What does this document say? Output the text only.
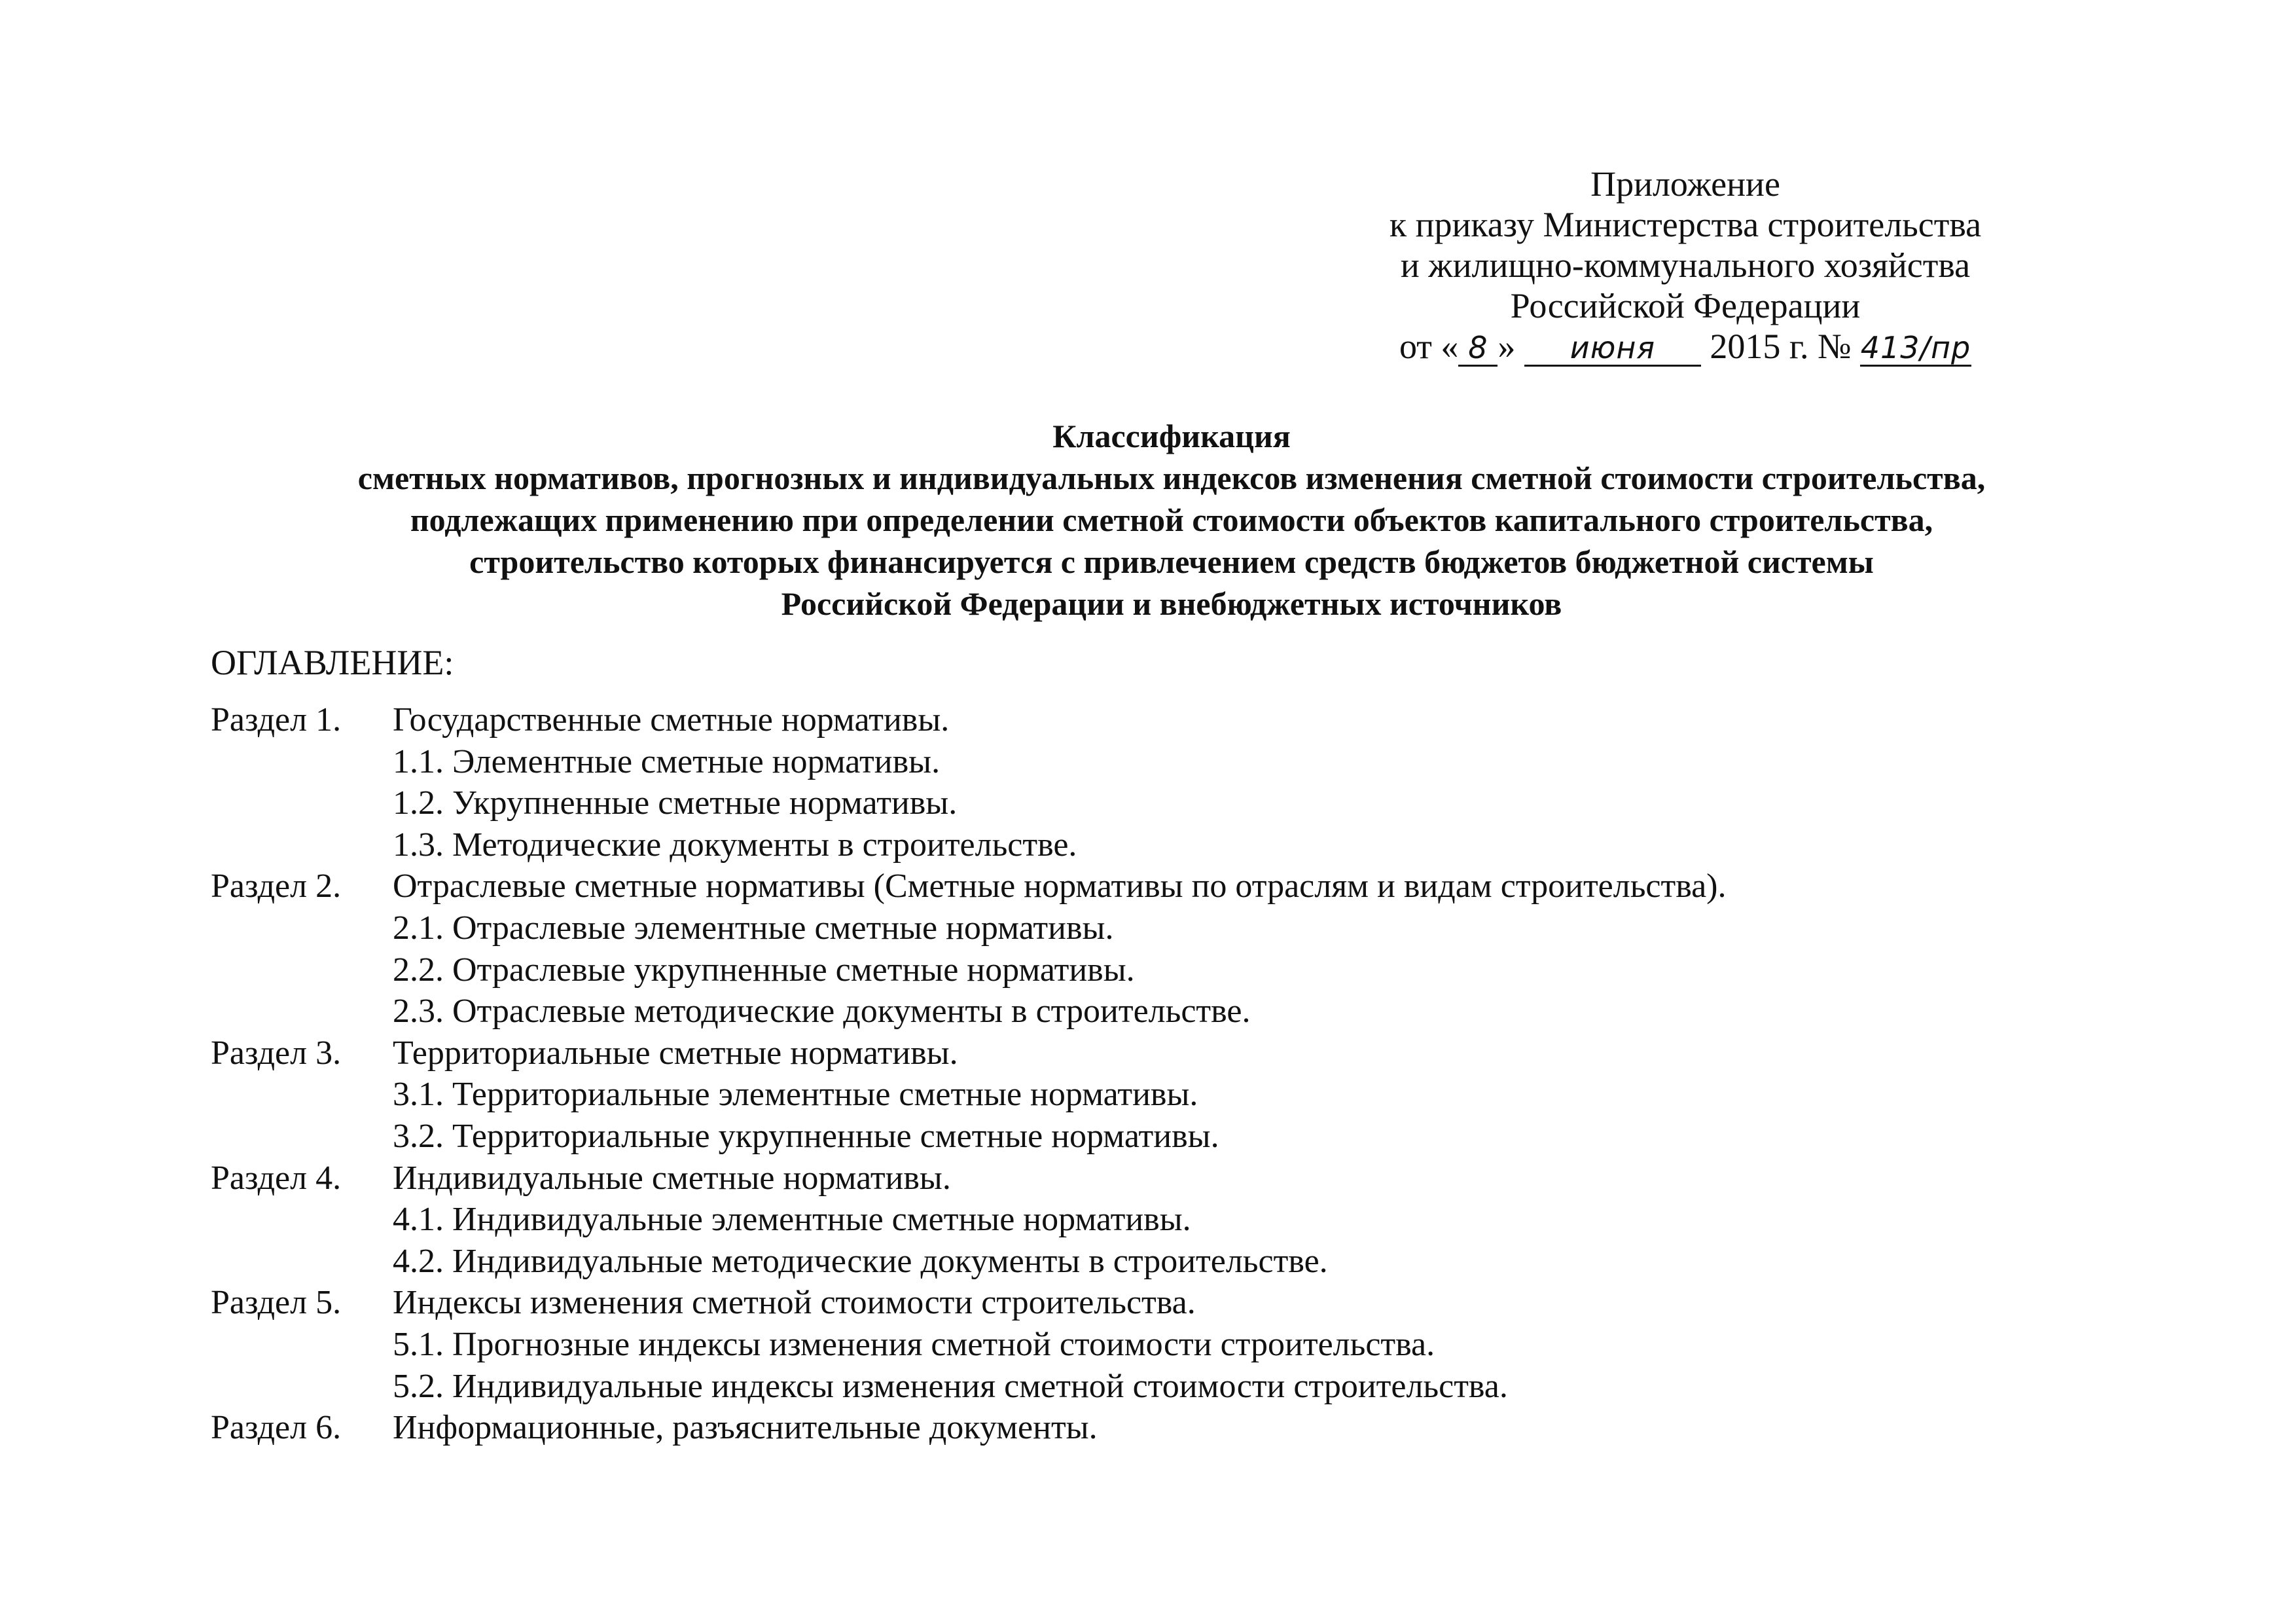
Приложение
к приказу Министерства строительства
и жилищно-коммунального хозяйства
Российской Федерации
от « 8 » июня 2015 г. № 413/пр
Классификация
сметных нормативов, прогнозных и индивидуальных индексов изменения сметной стоимости строительства,
подлежащих применению при определении сметной стоимости объектов капитального строительства,
строительство которых финансируется с привлечением средств бюджетов бюджетной системы
Российской Федерации и внебюджетных источников
ОГЛАВЛЕНИЕ:
Раздел 1. Государственные сметные нормативы.
1.1. Элементные сметные нормативы.
1.2. Укрупненные сметные нормативы.
1.3. Методические документы в строительстве.
Раздел 2. Отраслевые сметные нормативы (Сметные нормативы по отраслям и видам строительства).
2.1. Отраслевые элементные сметные нормативы.
2.2. Отраслевые укрупненные сметные нормативы.
2.3. Отраслевые методические документы в строительстве.
Раздел 3. Территориальные сметные нормативы.
3.1. Территориальные элементные сметные нормативы.
3.2. Территориальные укрупненные сметные нормативы.
Раздел 4. Индивидуальные сметные нормативы.
4.1. Индивидуальные элементные сметные нормативы.
4.2. Индивидуальные методические документы в строительстве.
Раздел 5. Индексы изменения сметной стоимости строительства.
5.1. Прогнозные индексы изменения сметной стоимости строительства.
5.2. Индивидуальные индексы изменения сметной стоимости строительства.
Раздел 6. Информационные, разъяснительные документы.
